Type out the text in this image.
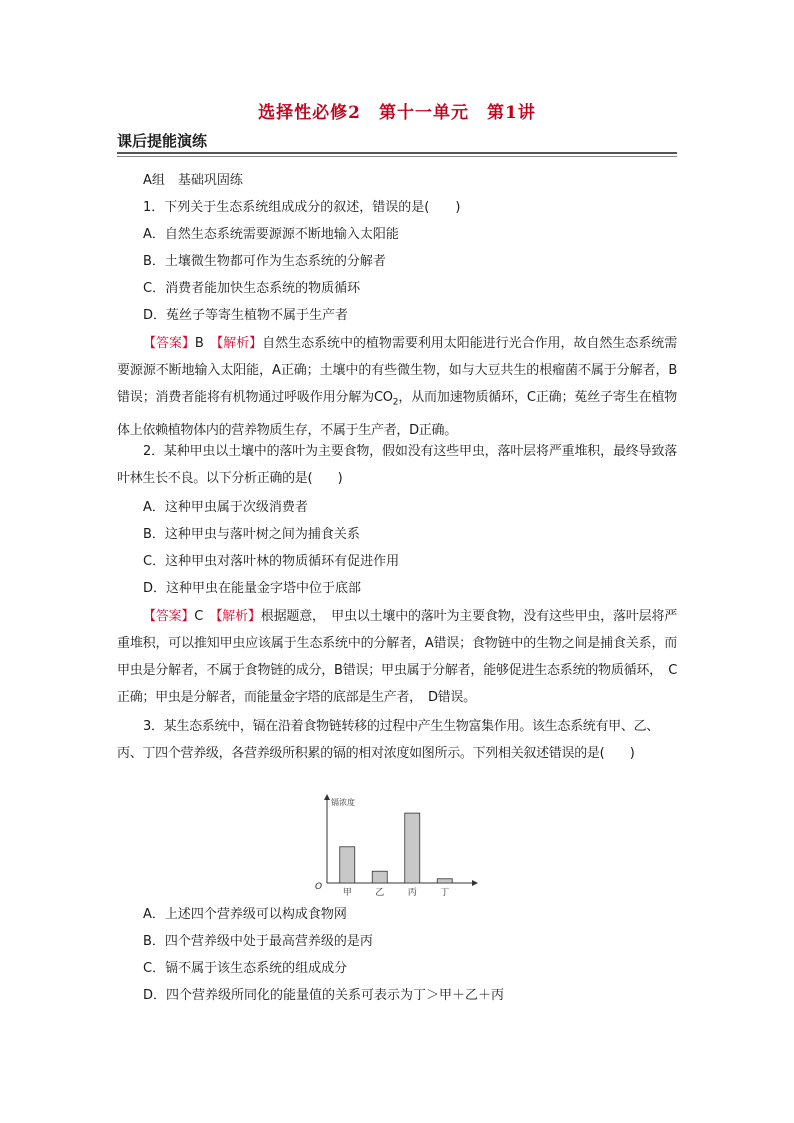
选择性必修2　第十一单元　第1讲
课后提能演练
A组　基础巩固练
1．下列关于生态系统组成成分的叙述，错误的是(　　)
A．自然生态系统需要源源不断地输入太阳能
B．土壤微生物都可作为生态系统的分解者
C．消费者能加快生态系统的物质循环
D．菟丝子等寄生植物不属于生产者
【答案】B　 【解析】自然生态系统中的植物需要利用太阳能进行光合作用，故自然生态系统需要源源不断地输入太阳能，A正确；土壤中的有些微生物，如与大豆共生的根瘤菌不属于分解者，B错误；消费者能将有机物通过呼吸作用分解为$CO_2$，从而加速物质循环，C正确；菟丝子寄生在植物体上依赖植物体内的营养物质生存，不属于生产者，D正确。
2．某种甲虫以土壤中的落叶为主要食物，假如没有这些甲虫，落叶层将严重堆积，最终导致落叶林生长不良。以下分析正确的是(　　)
A．这种甲虫属于次级消费者
B．这种甲虫与落叶树之间为捕食关系
C．这种甲虫对落叶林的物质循环有促进作用
D．这种甲虫在能量金字塔中位于底部
【答案】C　 【解析】根据题意，　甲虫以土壤中的落叶为主要食物，没有这些甲虫，落叶层将严重堆积，可以推知甲虫应该属于生态系统中的分解者，A错误；食物链中的生物之间是捕食关系，而甲虫是分解者，不属于食物链的成分，B错误；甲虫属于分解者，能够促进生态系统的物质循环，　C正确；甲虫是分解者，而能量金字塔的底部是生产者，　D错误。
3．某生态系统中，镉在沿着食物链转移的过程中产生生物富集作用。该生态系统有甲、乙、丙、丁四个营养级，各营养级所积累的镉的相对浓度如图所示。下列相关叙述错误的是(　　)
镉浓度
O
甲	乙	丙	丁
A．上述四个营养级可以构成食物网
B．四个营养级中处于最高营养级的是丙
C．镉不属于该生态系统的组成成分
D．四个营养级所同化的能量值的关系可表示为丁＞甲＋乙＋丙
